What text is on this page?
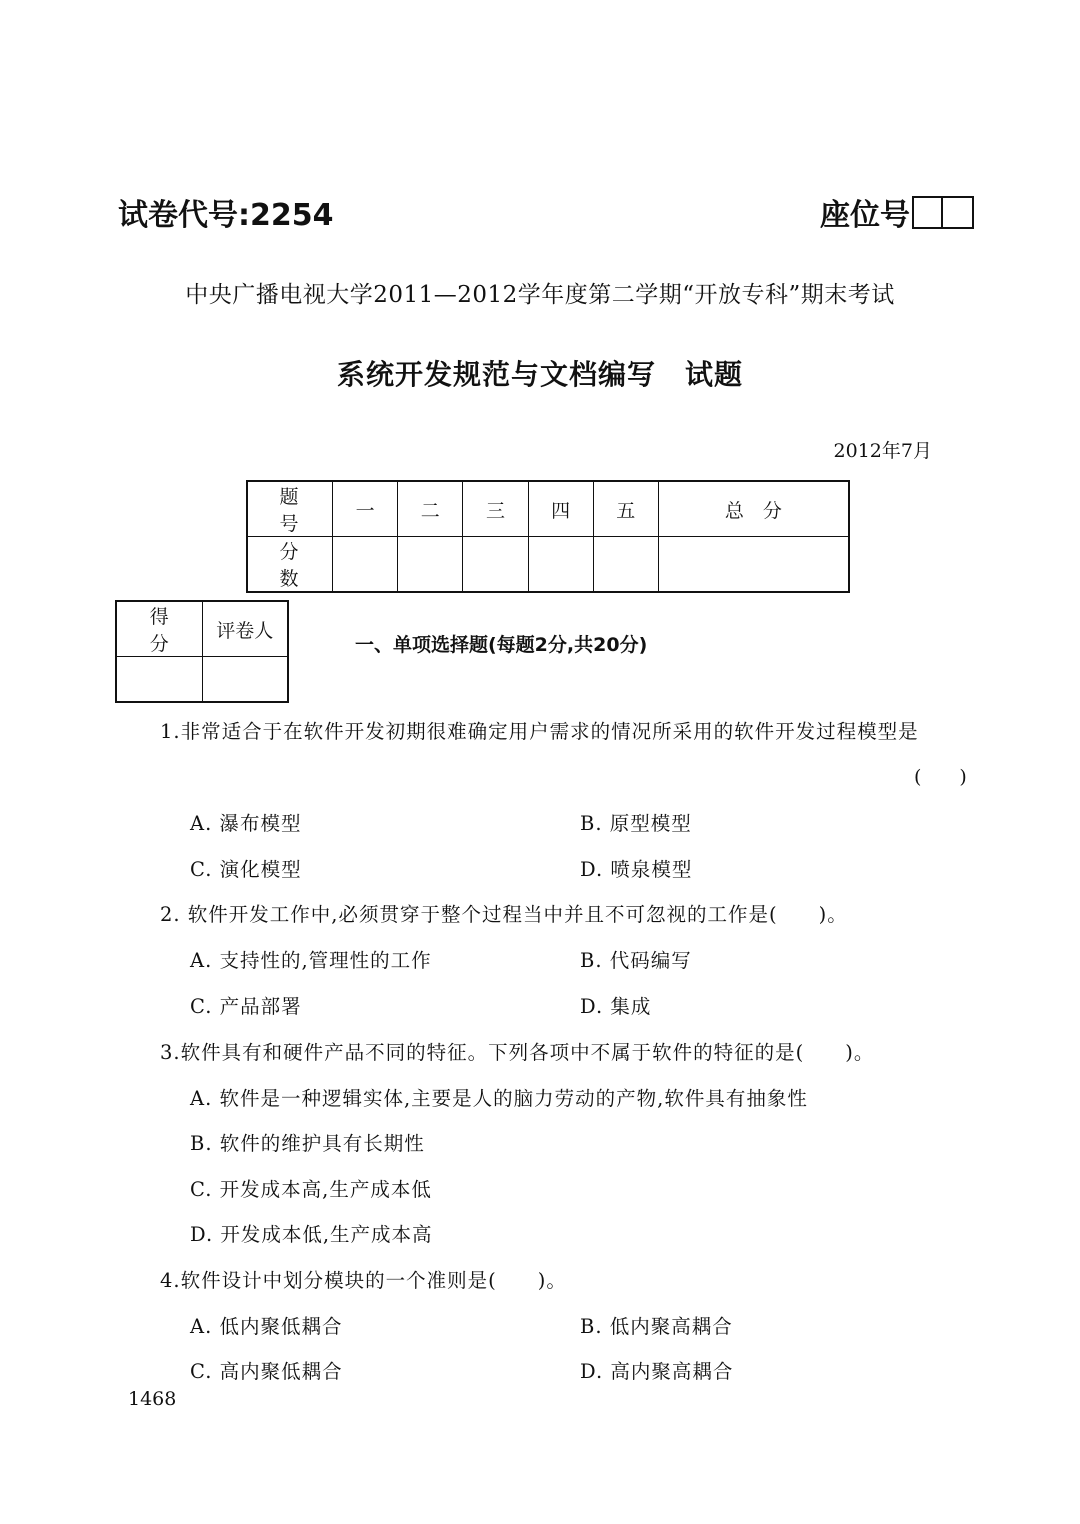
试卷代号:2254	座位号
中央广播电视大学2011—2012学年度第二学期“开放专科”期末考试
系统开发规范与文档编写　试题
2012年7月
题　号	一	二	三	四	五	总　分
分　数						
得　分	评卷人

一、单项选择题(每题2分,共20分)
1.非常适合于在软件开发初期很难确定用户需求的情况所采用的软件开发过程模型是
(　　)
A. 瀑布模型	B. 原型模型
C. 演化模型	D. 喷泉模型
2. 软件开发工作中,必须贯穿于整个过程当中并且不可忽视的工作是(　　)。
A. 支持性的,管理性的工作	B. 代码编写
C. 产品部署	D. 集成
3.软件具有和硬件产品不同的特征。下列各项中不属于软件的特征的是(　　)。
A. 软件是一种逻辑实体,主要是人的脑力劳动的产物,软件具有抽象性
B. 软件的维护具有长期性
C. 开发成本高,生产成本低
D. 开发成本低,生产成本高
4.软件设计中划分模块的一个准则是(　　)。
A. 低内聚低耦合	B. 低内聚高耦合
C. 高内聚低耦合	D. 高内聚高耦合
1468
